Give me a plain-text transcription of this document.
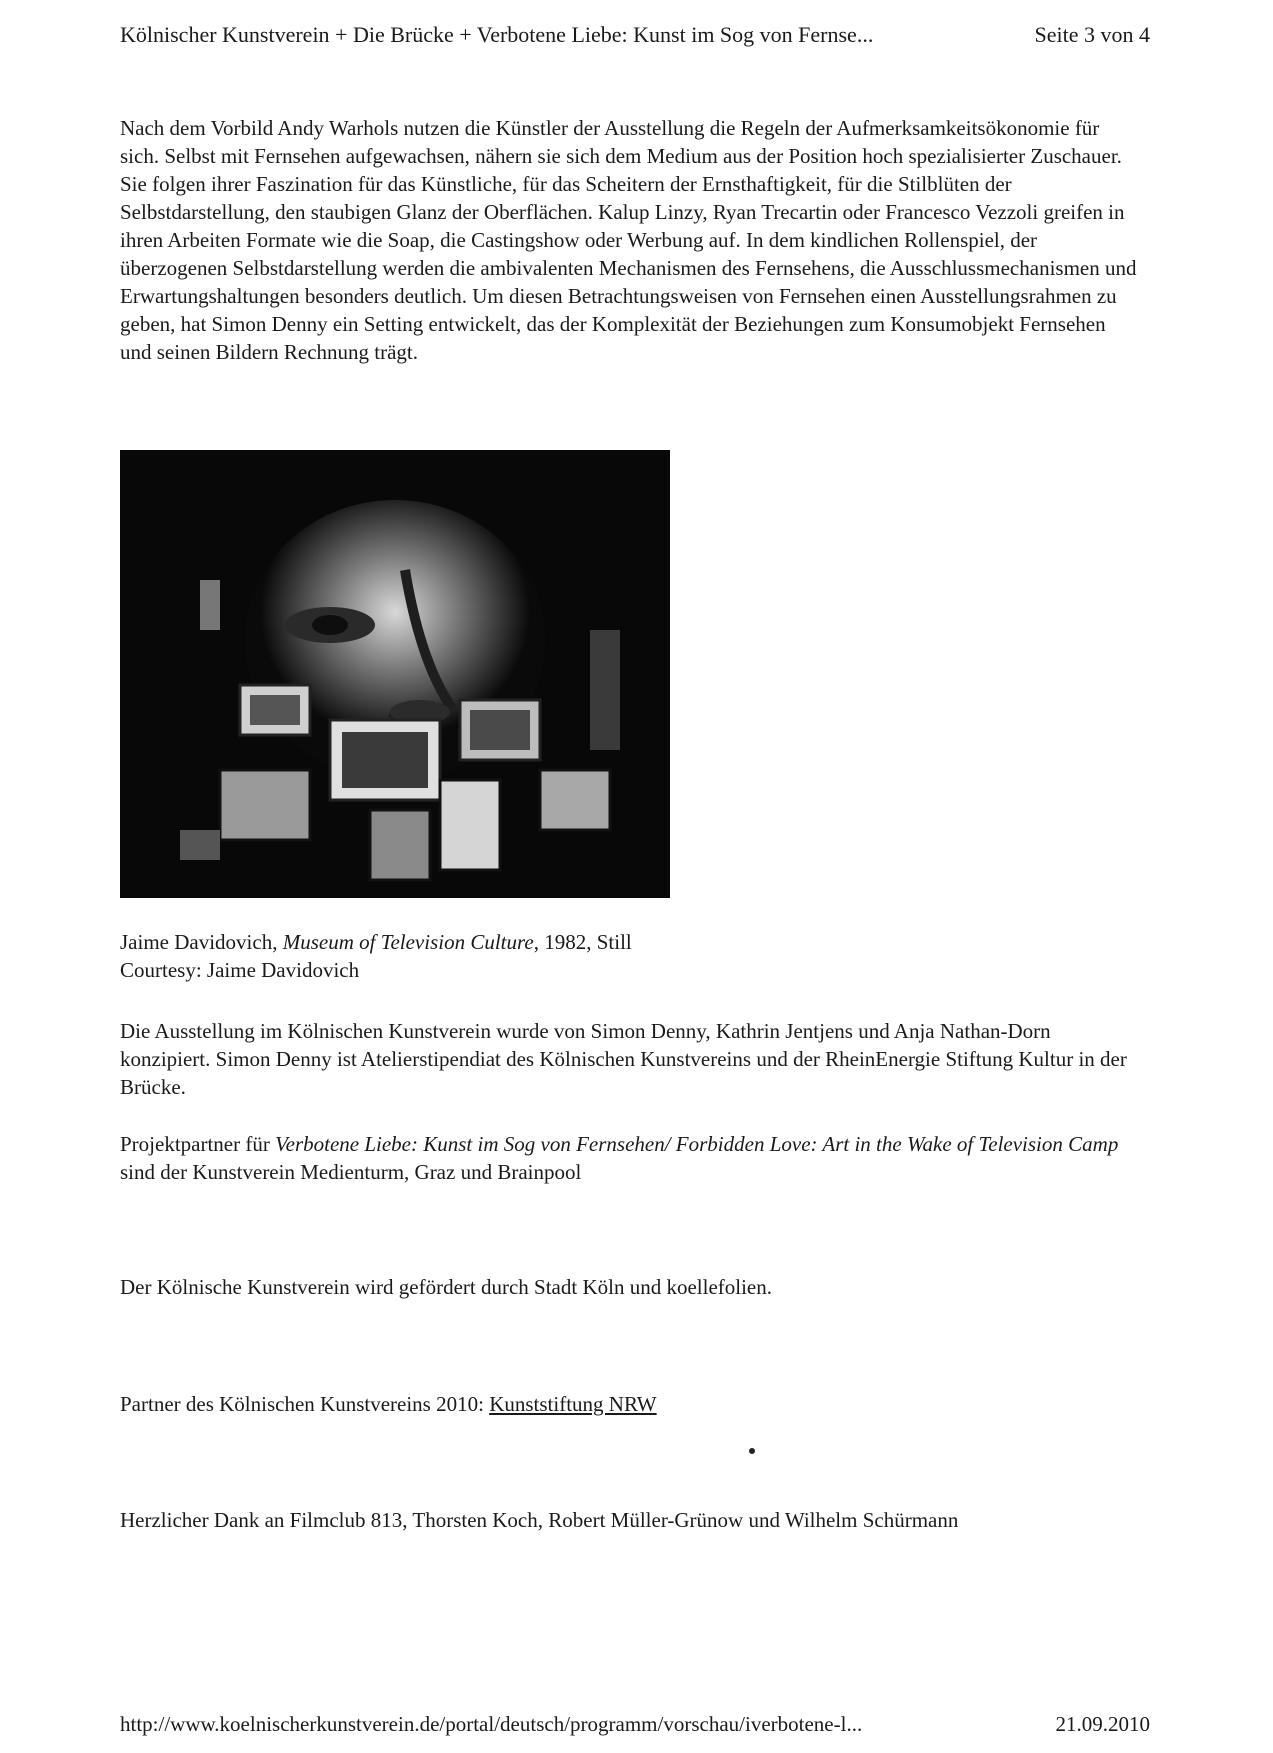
Kölnischer Kunstverein + Die Brücke + Verbotene Liebe: Kunst im Sog von Fernse...	Seite 3 von 4

Nach dem Vorbild Andy Warhols nutzen die Künstler der Ausstellung die Regeln der Aufmerksamkeitsökonomie für sich. Selbst mit Fernsehen aufgewachsen, nähern sie sich dem Medium aus der Position hoch spezialisierter Zuschauer. Sie folgen ihrer Faszination für das Künstliche, für das Scheitern der Ernsthaftigkeit, für die Stilblüten der Selbstdarstellung, den staubigen Glanz der Oberflächen. Kalup Linzy, Ryan Trecartin oder Francesco Vezzoli greifen in ihren Arbeiten Formate wie die Soap, die Castingshow oder Werbung auf. In dem kindlichen Rollenspiel, der überzogenen Selbstdarstellung werden die ambivalenten Mechanismen des Fernsehens, die Ausschlussmechanismen und Erwartungshaltungen besonders deutlich. Um diesen Betrachtungsweisen von Fernsehen einen Ausstellungsrahmen zu geben, hat Simon Denny ein Setting entwickelt, das der Komplexität der Beziehungen zum Konsumobjekt Fernsehen und seinen Bildern Rechnung trägt.

Jaime Davidovich, Museum of Television Culture, 1982, Still
Courtesy: Jaime Davidovich

Die Ausstellung im Kölnischen Kunstverein wurde von Simon Denny, Kathrin Jentjens und Anja Nathan-Dorn konzipiert. Simon Denny ist Atelierstipendiat des Kölnischen Kunstvereins und der RheinEnergie Stiftung Kultur in der Brücke.

Projektpartner für Verbotene Liebe: Kunst im Sog von Fernsehen/ Forbidden Love: Art in the Wake of Television Camp sind der Kunstverein Medienturm, Graz und Brainpool

Der Kölnische Kunstverein wird gefördert durch Stadt Köln und koellefolien.

Partner des Kölnischen Kunstvereins 2010: Kunststiftung NRW

Herzlicher Dank an Filmclub 813, Thorsten Koch, Robert Müller-Grünow und Wilhelm Schürmann

http://www.koelnischerkunstverein.de/portal/deutsch/programm/vorschau/iverbotene-l...	21.09.2010
